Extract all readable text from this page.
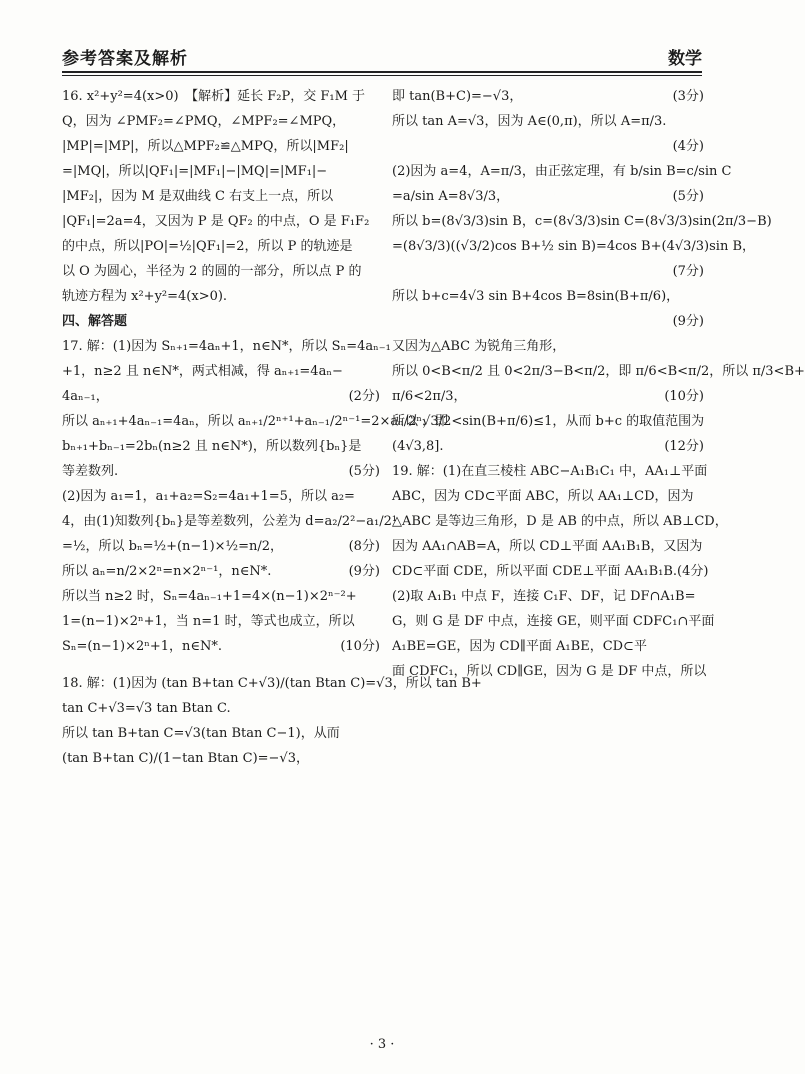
参考答案及解析	数学
16. x²+y²=4(x>0)　【解析】延长 F₂P，交 F₁M 于
Q，因为 ∠PMF₂=∠PMQ，∠MPF₂=∠MPQ，
|MP|=|MP|，所以△MPF₂≌△MPQ，所以|MF₂|
=|MQ|，所以|QF₁|=|MF₁|−|MQ|=|MF₁|−
|MF₂|，因为 M 是双曲线 C 右支上一点，所以
|QF₁|=2a=4，又因为 P 是 QF₂ 的中点，O 是 F₁F₂
的中点，所以|PO|=½|QF₁|=2，所以 P 的轨迹是
以 O 为圆心，半径为 2 的圆的一部分，所以点 P 的
轨迹方程为 x²+y²=4(x>0).
四、解答题
17. 解：(1)因为 Sₙ₊₁=4aₙ+1，n∈N*，所以 Sₙ=4aₙ₋₁
+1，n≥2 且 n∈N*，两式相减，得 aₙ₊₁=4aₙ−
(2分)
4aₙ₋₁，
所以 aₙ₊₁+4aₙ₋₁=4aₙ，所以 aₙ₊₁/2ⁿ⁺¹+aₙ₋₁/2ⁿ⁻¹=2×aₙ/2ⁿ，即
bₙ₊₁+bₙ₋₁=2bₙ(n≥2 且 n∈N*)，所以数列{bₙ}是
(5分)
等差数列.
(2)因为 a₁=1，a₁+a₂=S₂=4a₁+1=5，所以 a₂=
4，由(1)知数列{bₙ}是等差数列，公差为 d=a₂/2²−a₁/2¹
(8分)
=½，所以 bₙ=½+(n−1)×½=n/2，
(9分)
所以 aₙ=n/2×2ⁿ=n×2ⁿ⁻¹，n∈N*.
所以当 n≥2 时，Sₙ=4aₙ₋₁+1=4×(n−1)×2ⁿ⁻²+
1=(n−1)×2ⁿ+1，当 n=1 时，等式也成立，所以
(10分)
Sₙ=(n−1)×2ⁿ+1，n∈N*.
18. 解：(1)因为 (tan B+tan C+√3)/(tan Btan C)=√3，所以 tan B+
tan C+√3=√3 tan Btan C.
所以 tan B+tan C=√3(tan Btan C−1)，从而
(tan B+tan C)/(1−tan Btan C)=−√3，
(3分)
即 tan(B+C)=−√3，
所以 tan A=√3，因为 A∈(0,π)，所以 A=π/3.
(4分)
(2)因为 a=4，A=π/3，由正弦定理，有 b/sin B=c/sin C
(5分)
=a/sin A=8√3/3，
所以 b=(8√3/3)sin B，c=(8√3/3)sin C=(8√3/3)sin(2π/3−B)
=(8√3/3)((√3/2)cos B+½ sin B)=4cos B+(4√3/3)sin B，
(7分)
所以 b+c=4√3 sin B+4cos B=8sin(B+π/6)，
(9分)
又因为△ABC 为锐角三角形，
所以 0<B<π/2 且 0<2π/3−B<π/2，即 π/6<B<π/2，所以 π/3<B+
(10分)
π/6<2π/3，
所以 √3/2<sin(B+π/6)≤1，从而 b+c 的取值范围为
(12分)
(4√3,8].
19. 解：(1)在直三棱柱 ABC−A₁B₁C₁ 中，AA₁⊥平面
ABC，因为 CD⊂平面 ABC，所以 AA₁⊥CD，因为
△ABC 是等边三角形，D 是 AB 的中点，所以 AB⊥CD，
因为 AA₁∩AB=A，所以 CD⊥平面 AA₁B₁B，又因为
CD⊂平面 CDE，所以平面 CDE⊥平面 AA₁B₁B.(4分)
(2)取 A₁B₁ 中点 F，连接 C₁F、DF，记 DF∩A₁B=
G，则 G 是 DF 中点，连接 GE，则平面 CDFC₁∩平面
A₁BE=GE，因为 CD∥平面 A₁BE，CD⊂平
面 CDFC₁，所以 CD∥GE，因为 G 是 DF 中点，所以
· 3 ·
